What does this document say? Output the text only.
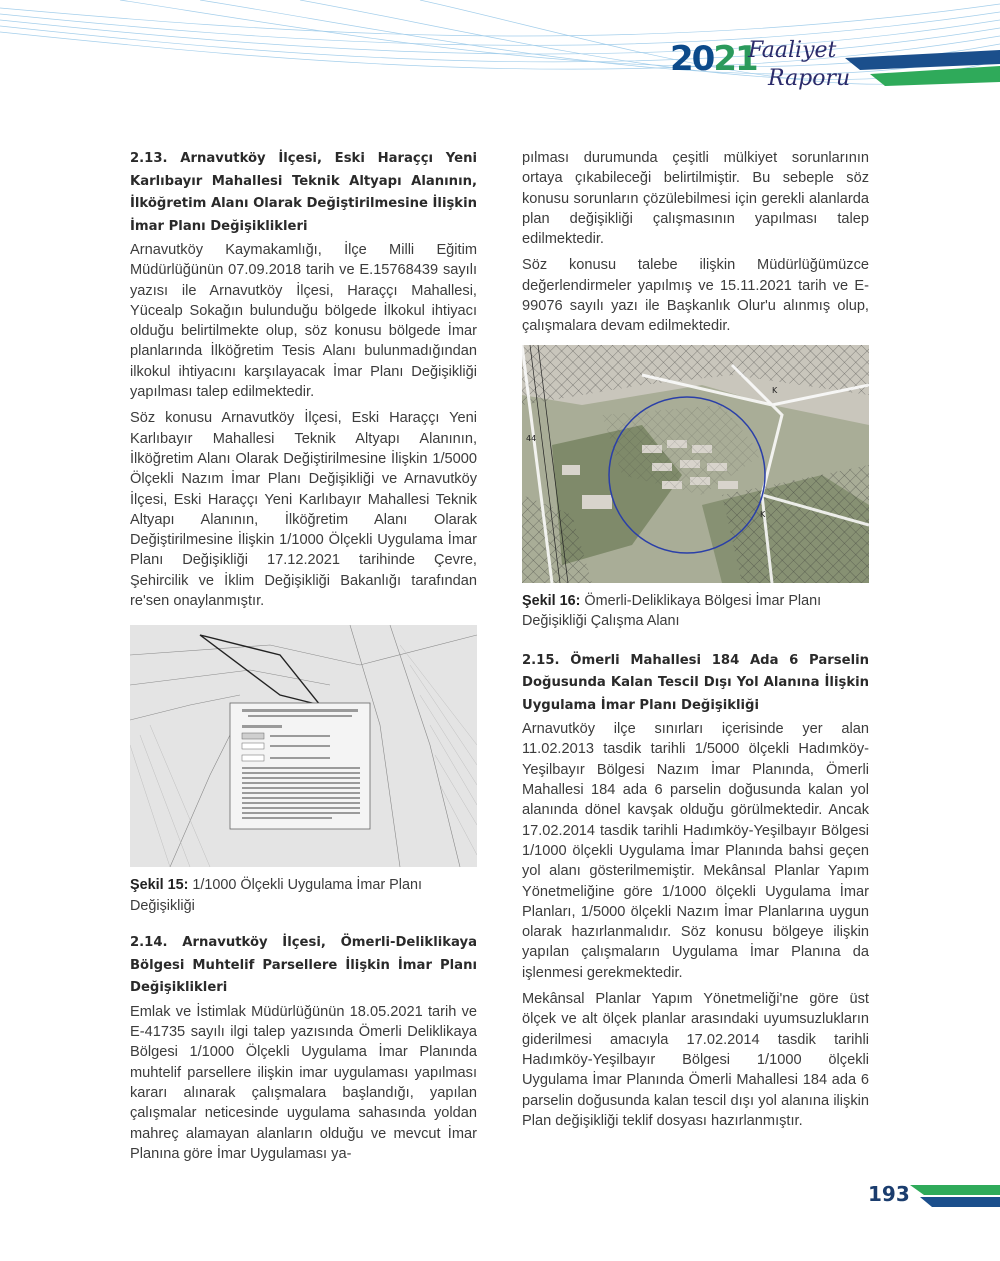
2021
Faaliyet
Raporu

2.13. Arnavutköy İlçesi, Eski Haraççı Yeni Karlıbayır Mahallesi Teknik Altyapı Alanının, İlköğretim Alanı Olarak Değiştirilmesine İlişkin İmar Planı Değişiklikleri

Arnavutköy Kaymakamlığı, İlçe Milli Eğitim Müdürlüğünün 07.09.2018 tarih ve E.15768439 sayılı yazısı ile Arnavutköy İlçesi, Haraççı Mahallesi, Yücealp Sokağın bulunduğu bölgede İlkokul ihtiyacı olduğu belirtilmekte olup, söz konusu bölgede İmar planlarında İlköğretim Tesis Alanı bulunmadığından ilkokul ihtiyacını karşılayacak İmar Planı Değişikliği yapılması talep edilmektedir.

Söz konusu Arnavutköy İlçesi, Eski Haraççı Yeni Karlıbayır Mahallesi Teknik Altyapı Alanının, İlköğretim Alanı Olarak Değiştirilmesine İlişkin 1/5000 Ölçekli Nazım İmar Planı Değişikliği ve Arnavutköy İlçesi, Eski Haraççı Yeni Karlıbayır Mahallesi Teknik Altyapı Alanının, İlköğretim Alanı Olarak Değiştirilmesine İlişkin 1/1000 Ölçekli Uygulama İmar Planı Değişikliği 17.12.2021 tarihinde Çevre, Şehircilik ve İklim Değişikliği Bakanlığı tarafından re'sen onaylanmıştır.

Şekil 15: 1/1000 Ölçekli Uygulama İmar Planı Değişikliği

2.14. Arnavutköy İlçesi, Ömerli-Deliklikaya Bölgesi Muhtelif Parsellere İlişkin İmar Planı Değişiklikleri

Emlak ve İstimlak Müdürlüğünün 18.05.2021 tarih ve E-41735 sayılı ilgi talep yazısında Ömerli Deliklikaya Bölgesi 1/1000 Ölçekli Uygulama İmar Planında muhtelif parsellere ilişkin imar uygulaması yapılması kararı alınarak çalışmalara başlandığı, yapılan çalışmalar neticesinde uygulama sahasında yoldan mahreç alamayan alanların olduğu ve mevcut İmar Planına göre İmar Uygulaması ya-

pılması durumunda çeşitli mülkiyet sorunlarının ortaya çıkabileceği belirtilmiştir. Bu sebeple söz konusu sorunların çözülebilmesi için gerekli alanlarda plan değişikliği çalışmasının yapılması talep edilmektedir.

Söz konusu talebe ilişkin Müdürlüğümüzce değerlendirmeler yapılmış ve 15.11.2021 tarih ve E-99076 sayılı yazı ile Başkanlık Olur'u alınmış olup, çalışmalara devam edilmektedir.

K
K
44

Şekil 16: Ömerli-Deliklikaya Bölgesi İmar Planı Değişikliği Çalışma Alanı

2.15. Ömerli Mahallesi 184 Ada 6 Parselin Doğusunda Kalan Tescil Dışı Yol Alanına İlişkin Uygulama İmar Planı Değişikliği

Arnavutköy ilçe sınırları içerisinde yer alan 11.02.2013 tasdik tarihli 1/5000 ölçekli Hadımköy-Yeşilbayır Bölgesi Nazım İmar Planında, Ömerli Mahallesi 184 ada 6 parselin doğusunda kalan yol alanında dönel kavşak olduğu görülmektedir. Ancak 17.02.2014 tasdik tarihli Hadımköy-Yeşilbayır Bölgesi 1/1000 ölçekli Uygulama İmar Planında bahsi geçen yol alanı gösterilmemiştir. Mekânsal Planlar Yapım Yönetmeliğine göre 1/1000 ölçekli Uygulama İmar Planları, 1/5000 ölçekli Nazım İmar Planlarına uygun olarak hazırlanmalıdır. Söz konusu bölgeye ilişkin yapılan çalışmaların Uygulama İmar Planına da işlenmesi gerekmektedir.

Mekânsal Planlar Yapım Yönetmeliği'ne göre üst ölçek ve alt ölçek planlar arasındaki uyumsuzlukların giderilmesi amacıyla 17.02.2014 tasdik tarihli Hadımköy-Yeşilbayır Bölgesi 1/1000 ölçekli Uygulama İmar Planında Ömerli Mahallesi 184 ada 6 parselin doğusunda kalan tescil dışı yol alanına ilişkin Plan değişikliği teklif dosyası hazırlanmıştır.

193
